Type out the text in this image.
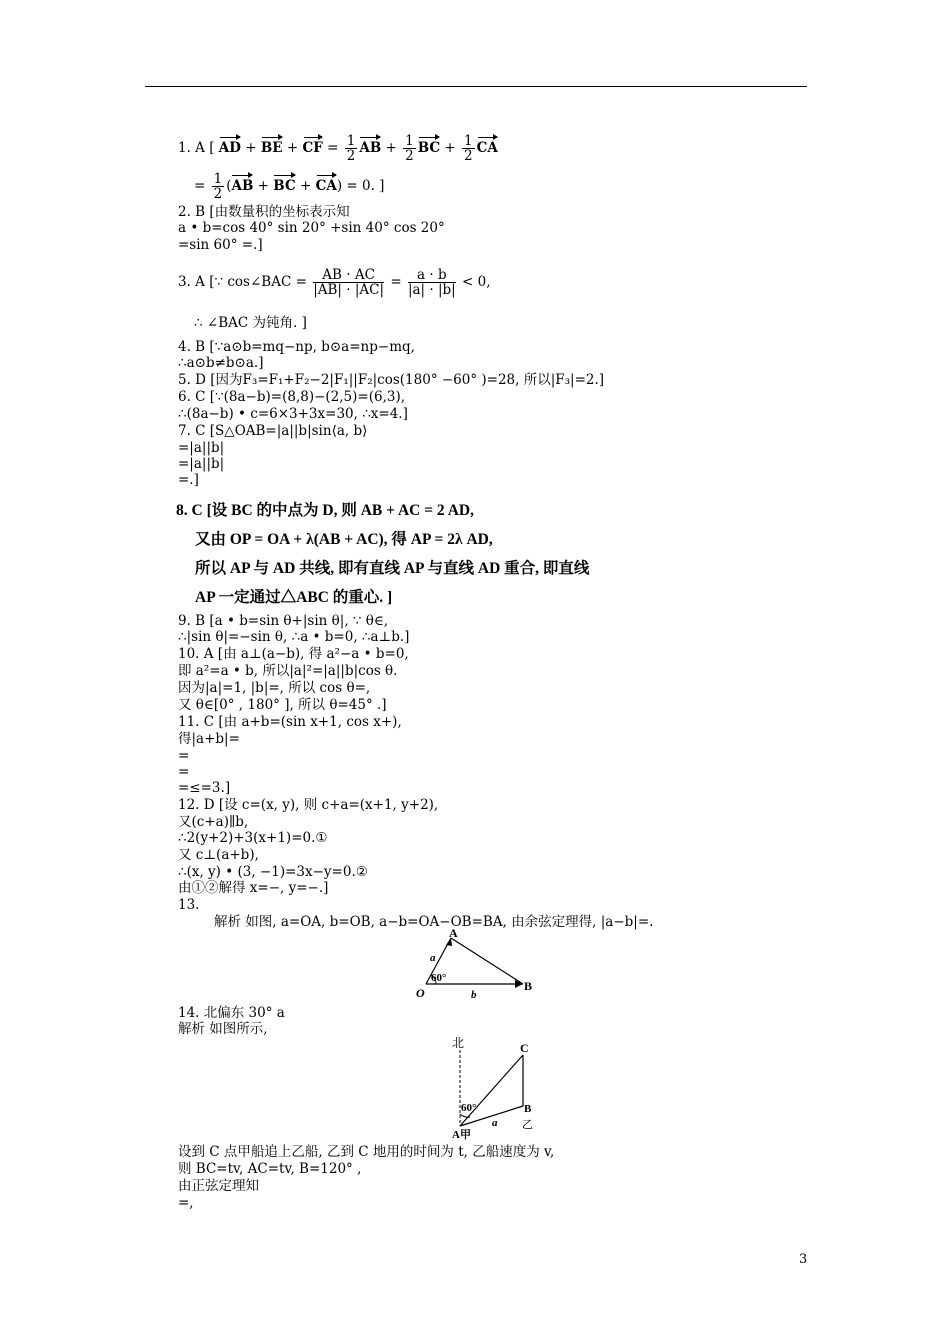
1. A [ AD + BE + CF = $\frac{1}{2}$ AB + $\frac{1}{2}$ BC + $\frac{1}{2}$ CA
= $\frac{1}{2} (AB$ + BC + CA) = 0. ]
2. B [由数量积的坐标表示知
a • b=cos 40° sin 20° +sin 40° cos 20°
=sin 60° =.]
3. A [∵ cos∠BAC = $\frac{AB \cdot AC}{|AB| \cdot |AC|} = \frac{a \cdot b}{|a| \cdot |b|} < 0$,
∴ ∠BAC 为钝角. ]
4. B [∵a⊙b=mq−np, b⊙a=np−mq,
∴a⊙b≠b⊙a.]
5. D [因为F₃=F₁+F₂−2|F₁||F₂|cos(180° −60° )=28, 所以|F₃|=2.]
6. C [∵(8a−b)=(8,8)−(2,5)=(6,3),
∴(8a−b) • c=6×3+3x=30, ∴x=4.]
7. C [S△OAB=|a||b|sin⟨a, b⟩
=|a||b|
=|a||b|
=.]
8. C [设 BC 的中点为 D, 则 AB + AC = 2 AD,
又由 OP = OA + λ(AB + AC), 得 AP = 2λ AD,
所以 AP 与 AD 共线, 即有直线 AP 与直线 AD 重合, 即直线
AP 一定通过△ABC 的重心. ]
9. B [a • b=sin θ+|sin θ|, ∵ θ∈,
∴|sin θ|=−sin θ, ∴a • b=0, ∴a⊥b.]
10. A [由 a⊥(a−b), 得 a²−a • b=0,
即 a²=a • b, 所以|a|²=|a||b|cos θ.
因为|a|=1, |b|=, 所以 cos θ=,
又 θ∈[0° , 180° ], 所以 θ=45° .]
11. C [由 a+b=(sin x+1, cos x+),
得|a+b|=
=
=
=≤=3.]
12. D [设 c=(x, y), 则 c+a=(x+1, y+2),
又(c+a)∥b,
∴2(y+2)+3(x+1)=0.①
又 c⊥(a+b),
∴(x, y) • (3, −1)=3x−y=0.②
由①②解得 x=−, y=−.]
13.
解析 如图, a=OA, b=OB, a−b=OA−OB=BA, 由余弦定理得, |a−b|=.
A
O	B
a
b
60°
14. 北偏东 30° a
解析 如图所示,
北	C
B
A甲
乙
a
60°
设到 C 点甲船追上乙船, 乙到 C 地用的时间为 t, 乙船速度为 v,
则 BC=tv, AC=tv, B=120° ,
由正弦定理知
=,
3
